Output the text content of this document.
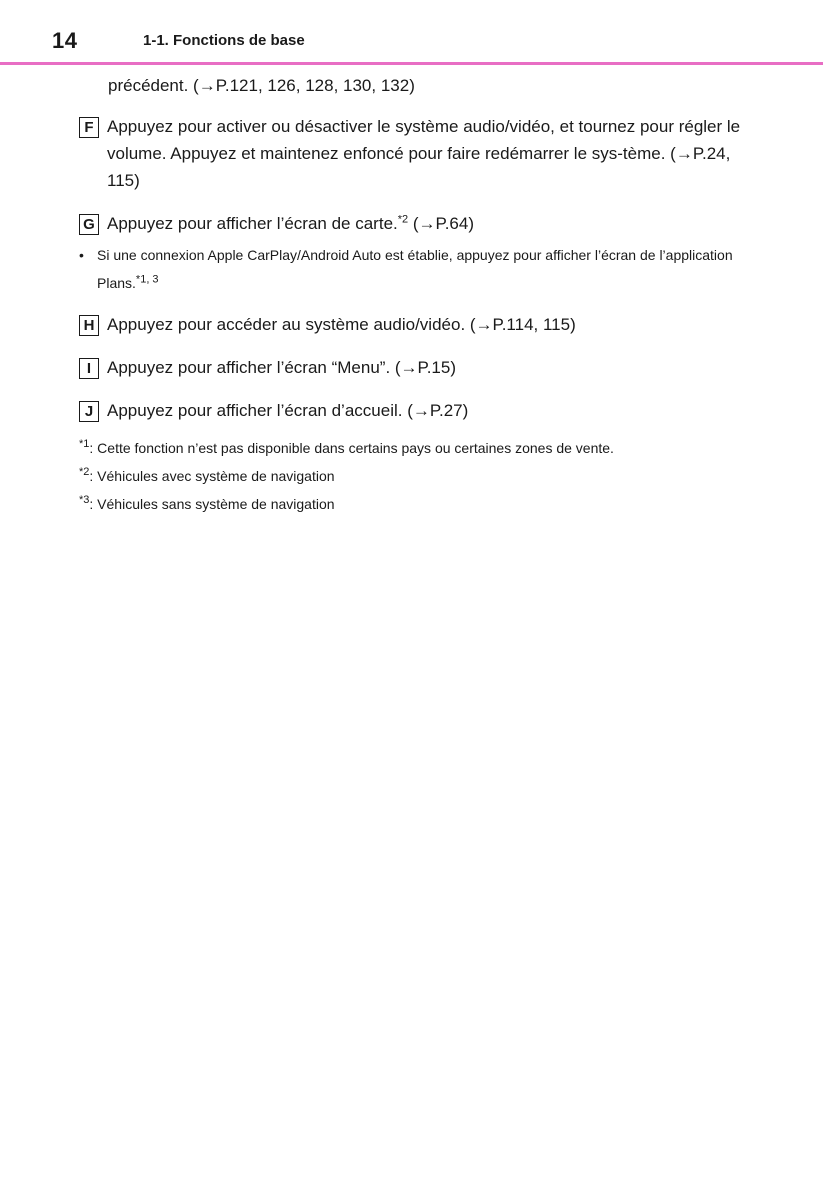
14	1-1. Fonctions de base
précédent. (→P.121, 126, 128, 130, 132)
F Appuyez pour activer ou désactiver le système audio/vidéo, et tournez pour régler le volume. Appuyez et maintenez enfoncé pour faire redémarrer le sys-tème. (→P.24, 115)
G Appuyez pour afficher l’écran de carte.$^{*2}$ (→P.64)
• Si une connexion Apple CarPlay/Android Auto est établie, appuyez pour afficher l’écran de l’application Plans.$^{*1, 3}$
H Appuyez pour accéder au système audio/vidéo. (→P.114, 115)
I Appuyez pour afficher l’écran “Menu”. (→P.15)
J Appuyez pour afficher l’écran d’accueil. (→P.27)
$^{*1}$: Cette fonction n’est pas disponible dans certains pays ou certaines zones de vente.
$^{*2}$: Véhicules avec système de navigation
$^{*3}$: Véhicules sans système de navigation
